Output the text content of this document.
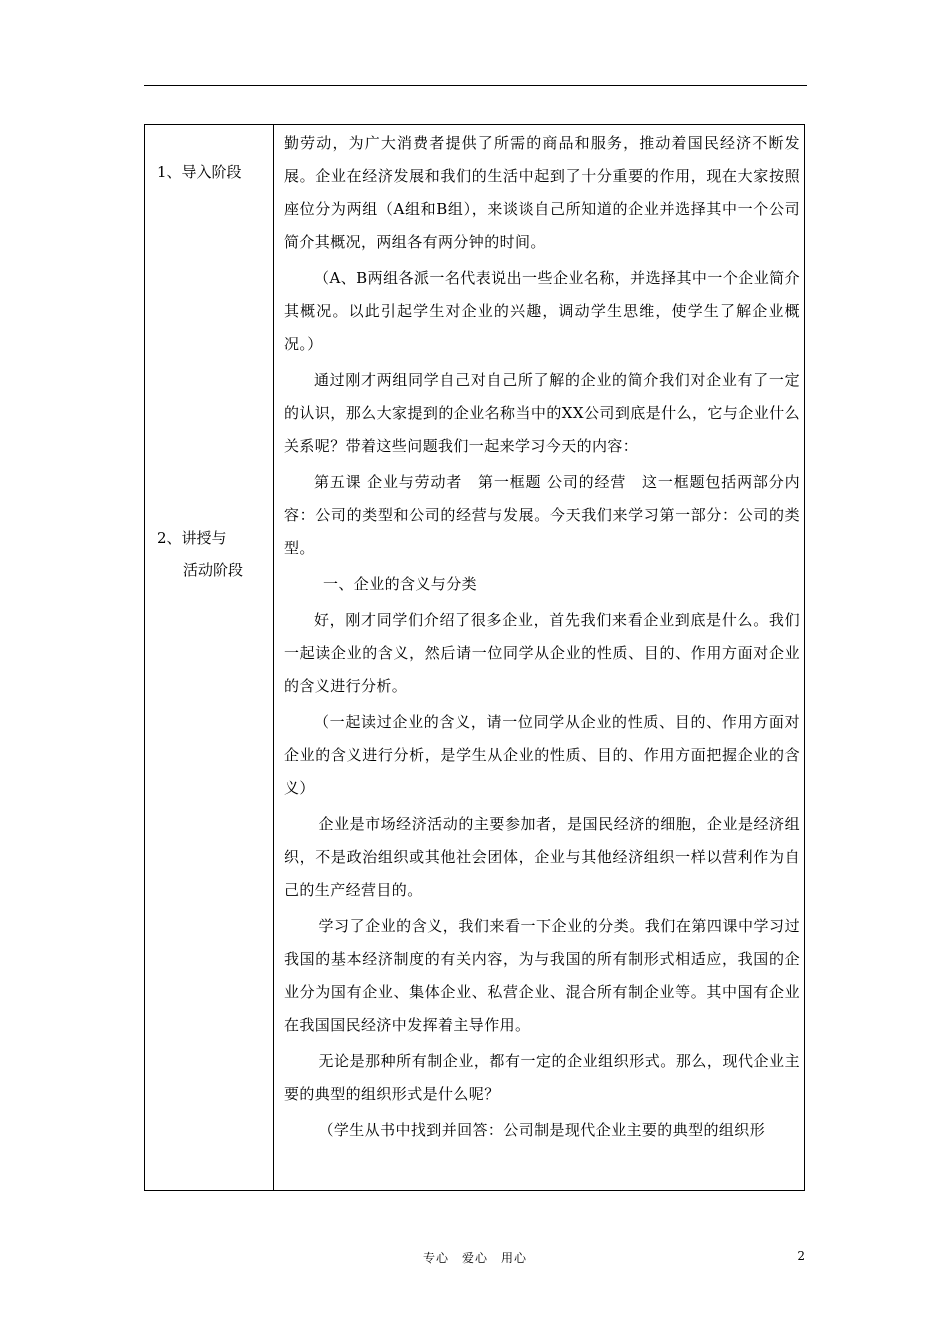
1、导入阶段
2、讲授与
活动阶段

勤劳动，为广大消费者提供了所需的商品和服务，推动着国民经济不断发展。企业在经济发展和我们的生活中起到了十分重要的作用，现在大家按照座位分为两组（A组和B组），来谈谈自己所知道的企业并选择其中一个公司简介其概况，两组各有两分钟的时间。

（A、B两组各派一名代表说出一些企业名称，并选择其中一个企业简介其概况。以此引起学生对企业的兴趣，调动学生思维，使学生了解企业概况。）

通过刚才两组同学自己对自己所了解的企业的简介我们对企业有了一定的认识，那么大家提到的企业名称当中的XX公司到底是什么，它与企业什么关系呢？带着这些问题我们一起来学习今天的内容：

第五课 企业与劳动者　第一框题 公司的经营　这一框题包括两部分内容：公司的类型和公司的经营与发展。今天我们来学习第一部分：公司的类型。

一、企业的含义与分类

好，刚才同学们介绍了很多企业，首先我们来看企业到底是什么。我们一起读企业的含义，然后请一位同学从企业的性质、目的、作用方面对企业的含义进行分析。

（一起读过企业的含义，请一位同学从企业的性质、目的、作用方面对企业的含义进行分析，是学生从企业的性质、目的、作用方面把握企业的含义）

企业是市场经济活动的主要参加者，是国民经济的细胞，企业是经济组织，不是政治组织或其他社会团体，企业与其他经济组织一样以营利作为自己的生产经营目的。

学习了企业的含义，我们来看一下企业的分类。我们在第四课中学习过我国的基本经济制度的有关内容，为与我国的所有制形式相适应，我国的企业分为国有企业、集体企业、私营企业、混合所有制企业等。其中国有企业在我国国民经济中发挥着主导作用。

无论是那种所有制企业，都有一定的企业组织形式。那么，现代企业主要的典型的组织形式是什么呢？

（学生从书中找到并回答：公司制是现代企业主要的典型的组织形

专心　爱心　用心	2
